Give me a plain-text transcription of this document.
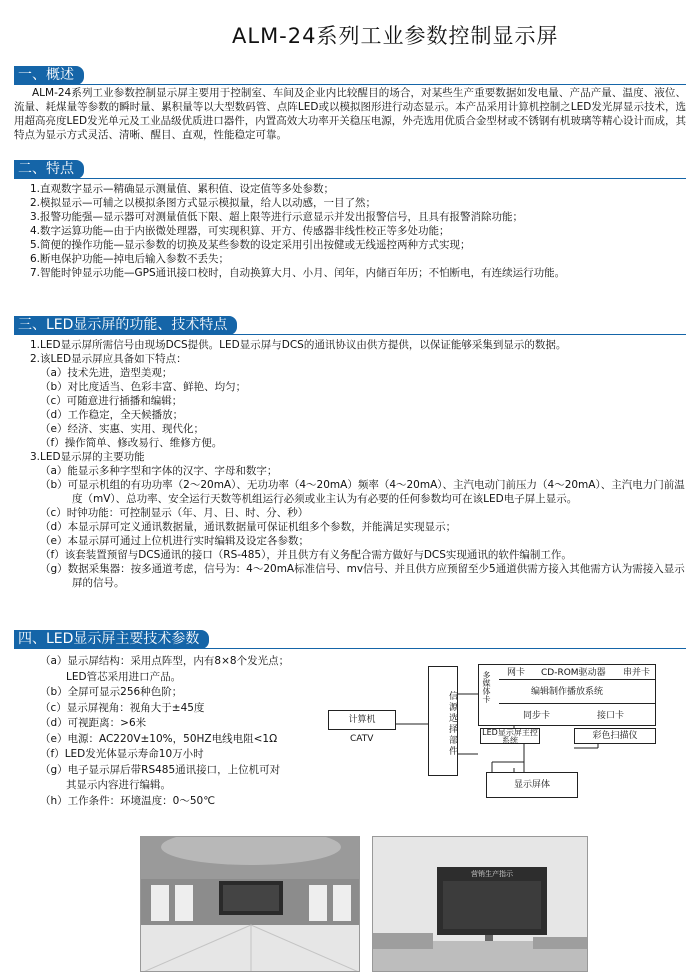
ALM-24系列工业参数控制显示屏
一、概述
ALM-24系列工业参数控制显示屏主要用于控制室、车间及企业内比较醒目的场合，对某些生产重要数据如发电量、产品产量、温度、液位、流量、耗煤量等参数的瞬时量、累积量等以大型数码管、点阵LED或以模拟图形进行动态显示。本产品采用计算机控制之LED发光屏显示技术，选用超高亮度LED发光单元及工业品级优质进口器件，内置高效大功率开关稳压电源，外壳选用优质合金型材或不锈钢有机玻璃等精心设计而成，其特点为显示方式灵活、清晰、醒目、直观，性能稳定可靠。
二、特点
1.直观数字显示—精确显示测量值、累积值、设定值等多处参数；
2.模拟显示—可辅之以模拟条图方式显示模拟量，给人以动感，一目了然；
3.报警功能强—显示器可对测量值低下限、超上限等进行示意显示并发出报警信号，且具有报警消除功能；
4.数字运算功能—由于内嵌微处理器，可实现积算、开方、传感器非线性校正等多处功能；
5.简便的操作功能—显示参数的切换及某些参数的设定采用引出按健或无线遥控两种方式实现；
6.断电保护功能—掉电后输入参数不丢失；
7.智能时钟显示功能—GPS通讯接口校时，自动换算大月、小月、闰年，内储百年历；不怕断电，有连续运行功能。
三、LED显示屏的功能、技术特点
1.LED显示屏所需信号由现场DCS提供。LED显示屏与DCS的通讯协议由供方提供，以保证能够采集到显示的数据。
2.该LED显示屏应具备如下特点：
（a）技术先进，造型美观；
（b）对比度适当、色彩丰富、鲜艳、均匀；
（c）可随意进行插播和编辑；
（d）工作稳定，全天候播放；
（e）经济、实惠、实用、现代化；
（f）操作简单、修改易行、维修方便。
3.LED显示屏的主要功能
（a）能显示多种字型和字体的汉字、字母和数字；
（b）可显示机组的有功功率（2～20mA）、无功功率（4～20mA）频率（4～20mA）、主汽电动门前压力（4～20mA）、主汽电力门前温度（mV）、总功率、安全运行天数等机组运行必须或业主认为有必要的任何参数均可在该LED电子屏上显示。
（c）时钟功能：可控制显示（年、月、日、时、分、秒）
（d）本显示屏可定义通讯数据量，通讯数据量可保证机组多个参数，并能满足实现显示；
（e）本显示屏可通过上位机进行实时编辑及设定各参数；
（f）该套装置预留与DCS通讯的接口（RS-485），并且供方有义务配合需方做好与DCS实现通讯的软件编制工作。
（g）数据采集器：按多通道考虑，信号为：4～20mA标准信号、mv信号、并且供方应预留至少5通道供需方接入其他需方认为需接入显示屏的信号。
四、LED显示屏主要技术参数
（a）显示屏结构：采用点阵型，内有8×8个发光点；
LED管芯采用进口产品。
（b）全屏可显示256种色阶；
（c）显示屏视角：视角大于±45度
（d）可视距离：>6米
（e）电源：AC220V±10%，50HZ电线电阻<1Ω
（f）LED发光体显示寿命10万小时
（g）电子显示屏后带RS485通讯接口，上位机可对
其显示内容进行编辑。
（h）工作条件：环境温度：0～50℃
计算机
CATV	信源选择部件
多媒体卡 网卡 CD-ROM驱动器 串并卡
编辑制作播放系统
同步卡	接口卡
LED显示屏主控系统	彩色扫描仪
显示屏体
营销生产指示
